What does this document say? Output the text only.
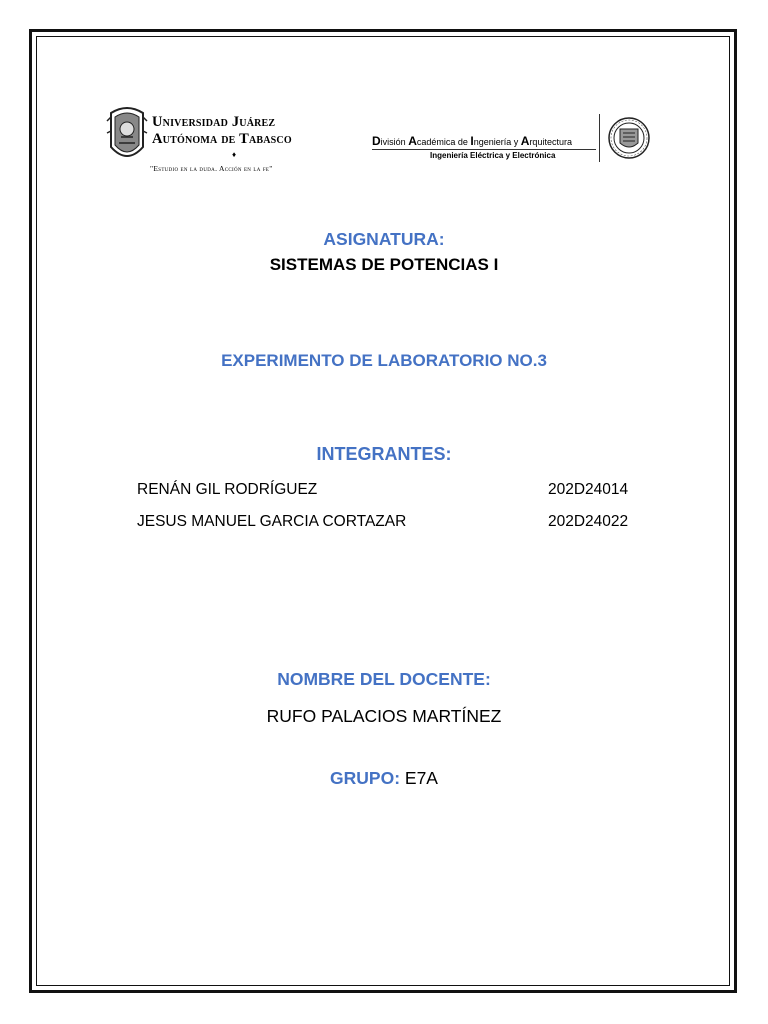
Universidad Juárez
Autónoma de Tabasco
♦
"Estudio en la duda. Acción en la fe"
División Académica de Ingeniería y Arquitectura
Ingeniería Eléctrica y Electrónica
ASIGNATURA:
SISTEMAS DE POTENCIAS I
EXPERIMENTO DE LABORATORIO NO.3
INTEGRANTES:
RENÁN GIL RODRÍGUEZ	202D24014
JESUS MANUEL GARCIA CORTAZAR	202D24022
NOMBRE DEL DOCENTE:
RUFO PALACIOS MARTÍNEZ
GRUPO: E7A
